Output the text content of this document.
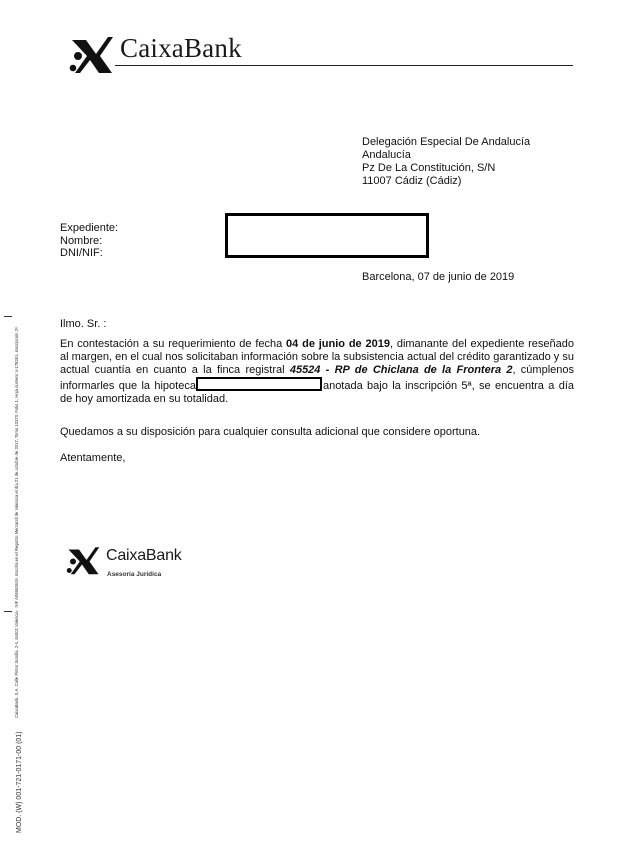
CaixaBank
Delegación Especial De Andalucía
Andalucía
Pz De La Constitución, S/N
11007 Cádiz (Cádiz)
Expediente:
Nombre:
DNI/NIF:
Barcelona, 07 de junio de 2019
Ilmo. Sr. :
En contestación a su requerimiento de fecha 04 de junio de 2019, dimanante del expediente reseñado al margen, en el cual nos solicitaban información sobre la subsistencia actual del crédito garantizado y su actual cuantía en cuanto a la finca registral 45524 - RP de Chiclana de la Frontera 2, cúmplenos informarles que la hipoteca	anotada bajo la inscripción 5ª, se encuentra a día de hoy amortizada en su totalidad.
Quedamos a su disposición para cualquier consulta adicional que considere oportuna.
Atentamente,
CaixaBank
Asesoría Jurídica
CaixaBank, S.A. Calle Pintor Sorolla, 2-4, 46002 Valencia · NIF A08663619. Inscrita en el Registro Mercantil de Valencia el día 21 de octubre de 2017, Tomo 10370, Folio 1, Hoja número V-178351, inscripción 2ª.
MOD. (W) 001-721-0171-00 (01)
